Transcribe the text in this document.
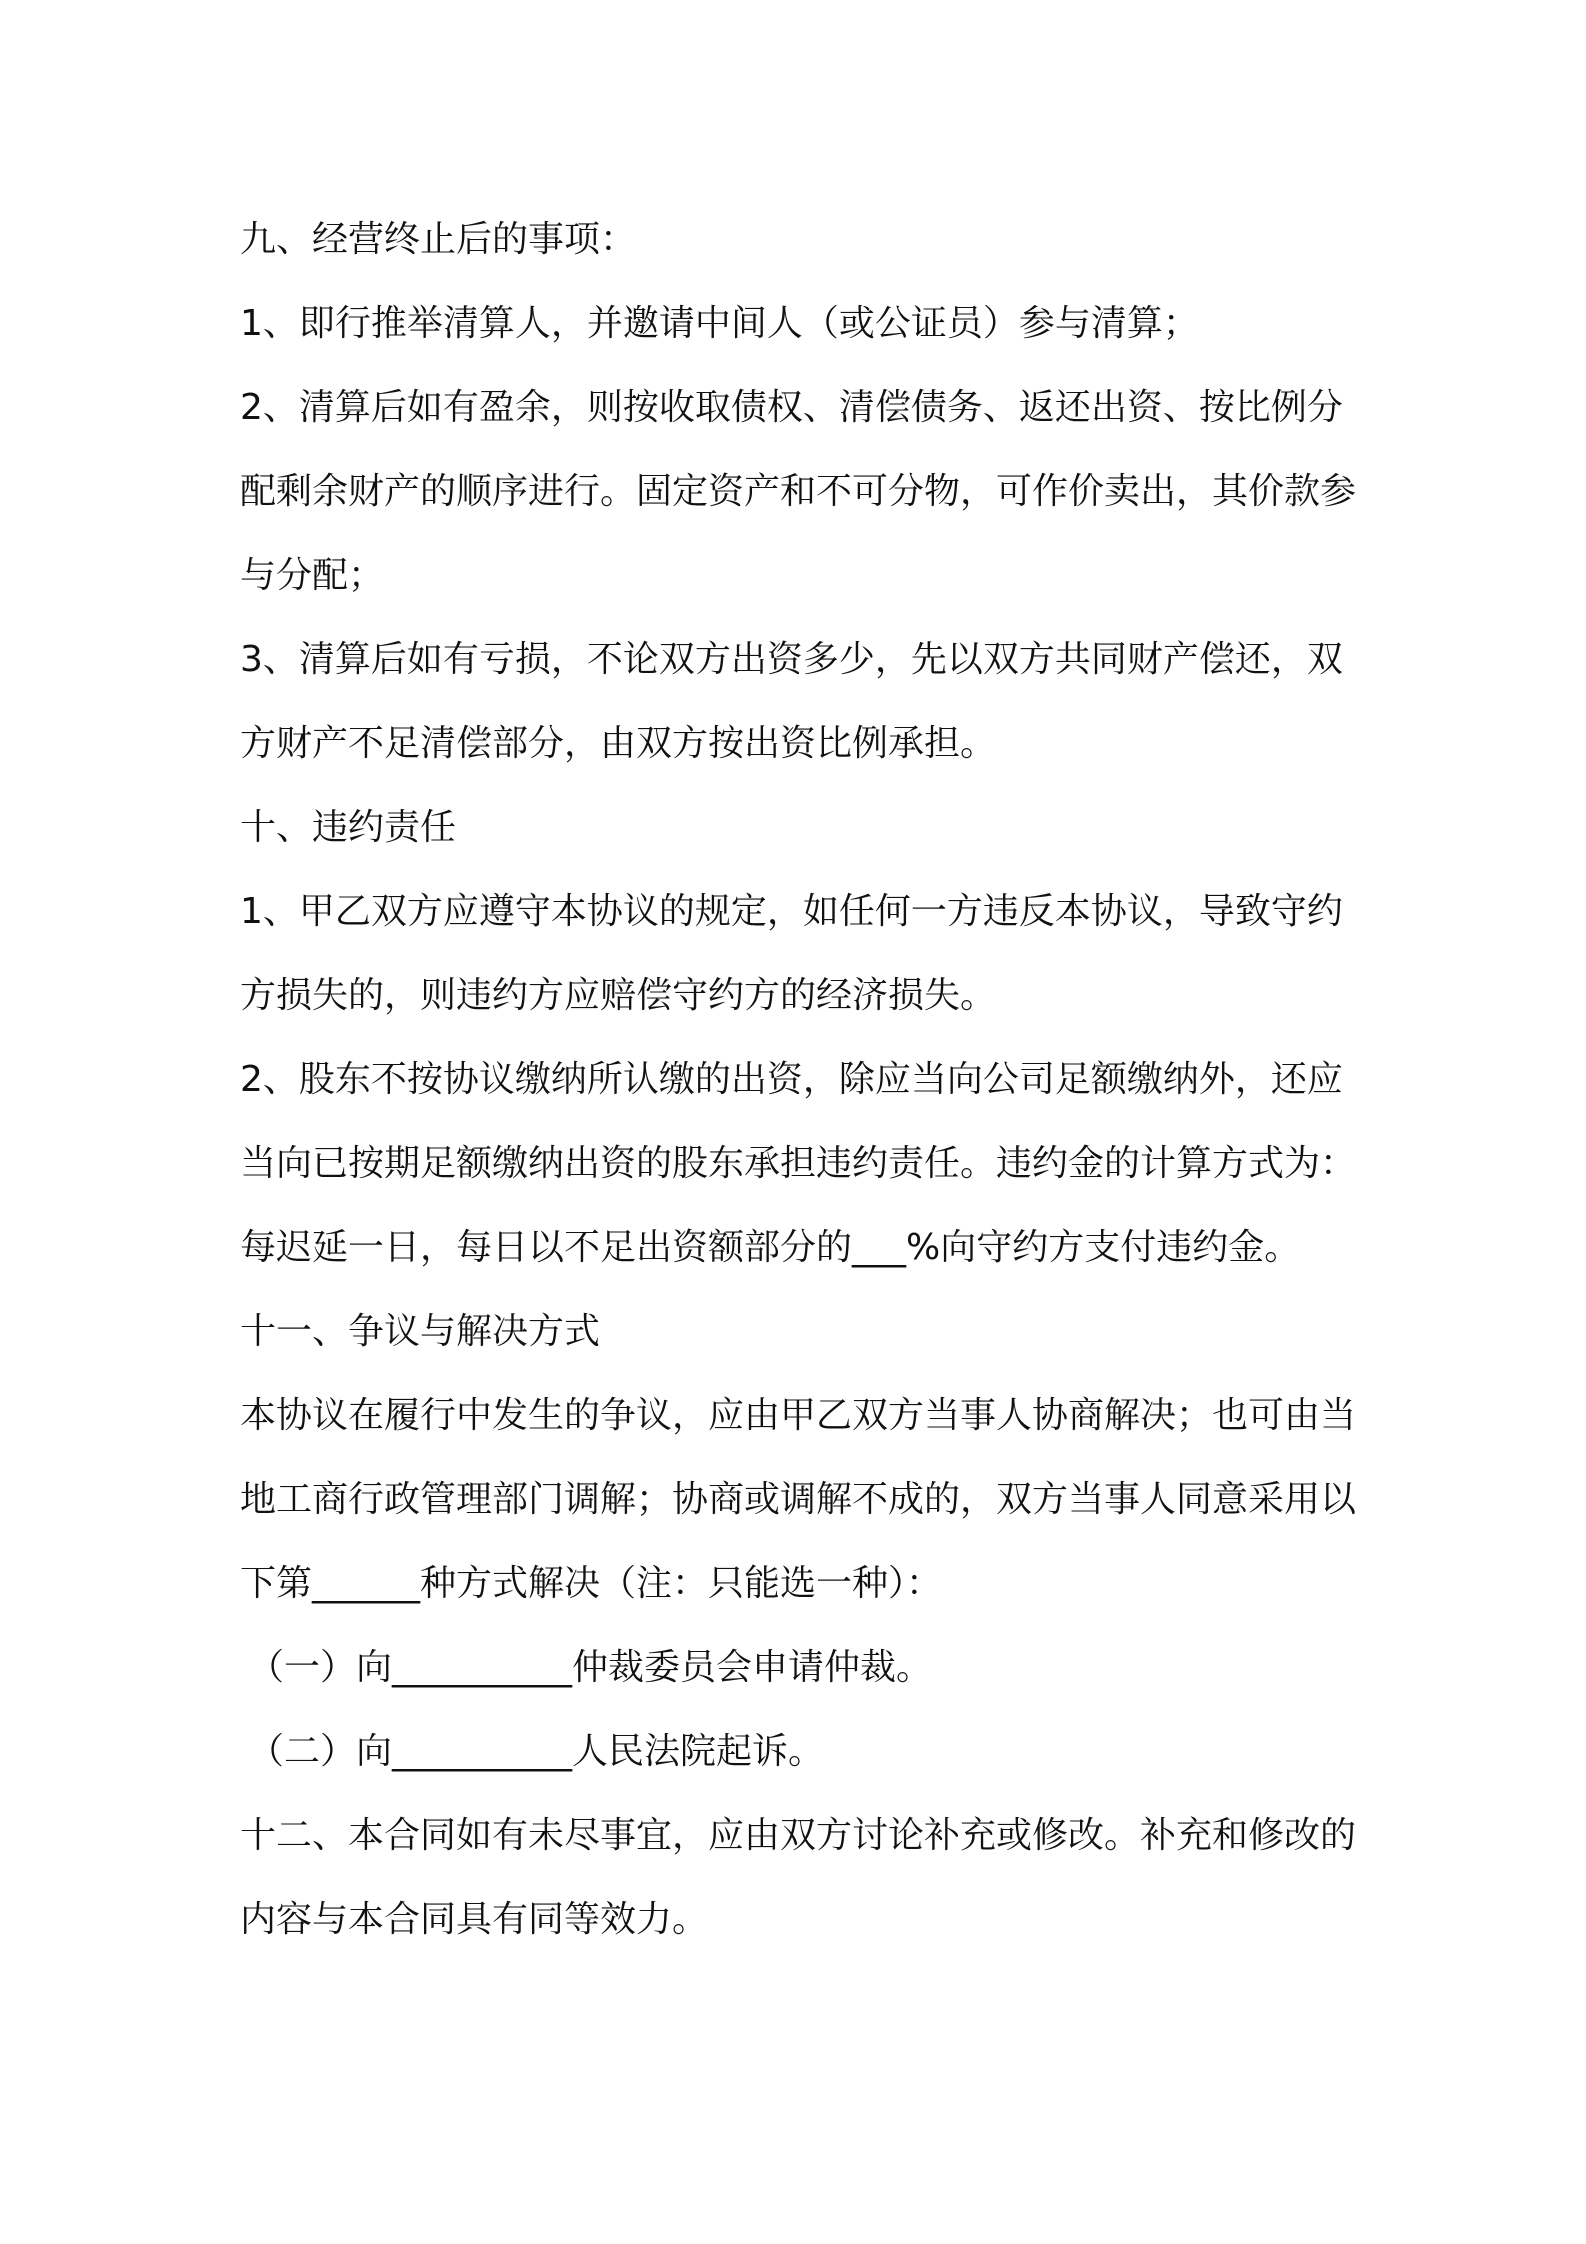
九、经营终止后的事项：

1、即行推举清算人，并邀请中间人（或公证员）参与清算；

2、清算后如有盈余，则按收取债权、清偿债务、返还出资、按比例分配剩余财产的顺序进行。固定资产和不可分物，可作价卖出，其价款参与分配；

3、清算后如有亏损，不论双方出资多少，先以双方共同财产偿还，双方财产不足清偿部分，由双方按出资比例承担。

十、违约责任

1、甲乙双方应遵守本协议的规定，如任何一方违反本协议，导致守约方损失的，则违约方应赔偿守约方的经济损失。

2、股东不按协议缴纳所认缴的出资，除应当向公司足额缴纳外，还应当向已按期足额缴纳出资的股东承担违约责任。违约金的计算方式为：每迟延一日，每日以不足出资额部分的___%向守约方支付违约金。

十一、争议与解决方式

本协议在履行中发生的争议，应由甲乙双方当事人协商解决；也可由当地工商行政管理部门调解；协商或调解不成的，双方当事人同意采用以下第______种方式解决（注：只能选一种）：

（一）向__________仲裁委员会申请仲裁。

（二）向__________人民法院起诉。

十二、本合同如有未尽事宜，应由双方讨论补充或修改。补充和修改的内容与本合同具有同等效力。
